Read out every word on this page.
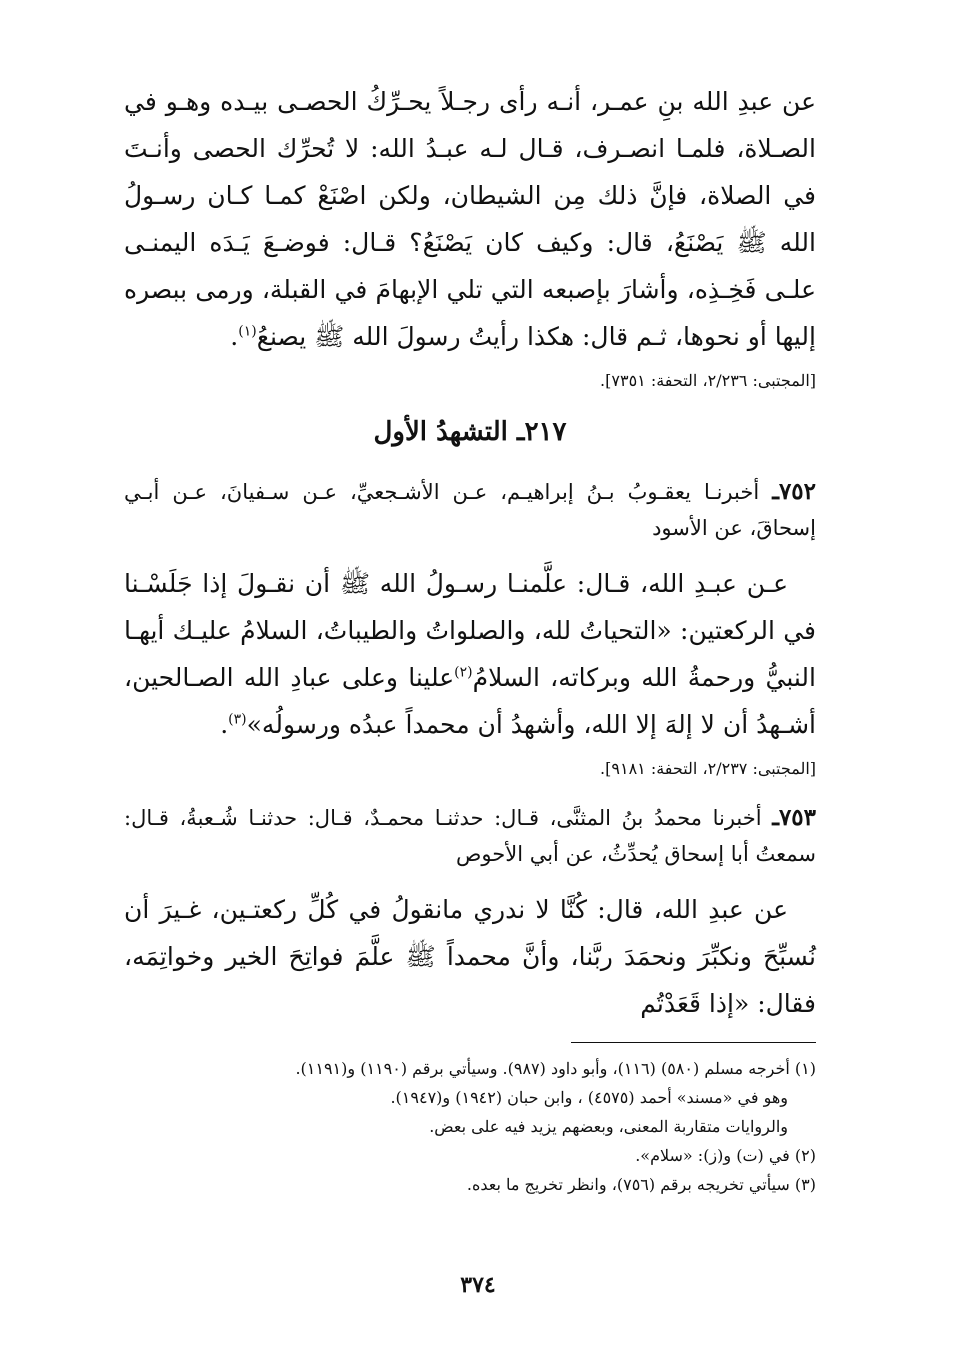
عن عبدِ الله بنِ عمـر، أنـه رأى رجـلاً يحـرِّكُ الحصـى بيـده وهـو في الصـلاة، فلمـا انصـرف، قـال لـه عبـدُ الله: لا تُحرِّك الحصى وأنـتَ في الصلاة، فإنَّ ذلك مِن الشيطان، ولكن اصْنَعْ كمـا كـان رسـولُ الله ﷺ يَصْنَعُ، قال: وكيف كان يَصْنَعُ؟ قـال: فوضـعَ يَـدَه اليمنـى علـى فَخِـذِه، وأشارَ بإصبعه التي تلي الإبهامَ في القبلة، ورمى ببصره إليها أو نحوها، ثـم قال: هكذا رأيتُ رسولَ الله ﷺ يصنعُ$^{(١)}$.

[المجتبى: ٢/٢٣٦، التحفة: ٧٣٥١].
٢١٧ـ التشهدُ الأول

٧٥٢ـ أخبرنـا يعقـوبُ بـنُ إبراهيـم، عـن الأشـجعيِّ، عـن سـفيانَ، عـن أبـي إسحاقَ، عن الأسود

عـن عبـدِ الله، قـال: علَّمنـا رسـولُ الله ﷺ أن نقـولَ إذا جَلَسْـنا في الركعتين: «التحياتُ لله، والصلواتُ والطيباتُ، السلامُ عليـك أيهـا النبيُّ ورحمةُ الله وبركاته، السلامُ$^{(٢)}$علينا وعلى عبادِ الله الصـالحين، أشـهدُ أن لا إلهَ إلا الله، وأشهدُ أن محمداً عبدُه ورسولُه»$^{(٣)}$.

[المجتبى: ٢/٢٣٧، التحفة: ٩١٨١].

٧٥٣ـ أخبرنا محمدُ بنُ المثنَّى، قـال: حدثنـا محمـدٌ، قـال: حدثنـا شُـعبةُ، قـال: سمعتُ أبا إسحاق يُحدِّثُ، عن أبي الأحوص

عن عبدِ الله، قال: كُنَّا لا ندري مانقولُ في كُلِّ ركعتـين، غـيرَ أن نُسبِّحَ ونكبِّرَ ونحمَدَ ربَّنا، وأنَّ محمداً ﷺ علَّمَ فواتِحَ الخير وخواتِمَه، فقال: «إذا قَعَدْتُم

(١) أخرجه مسلم (٥٨٠) (١١٦)، وأبو داود (٩٨٧). وسيأتي برقم (١١٩٠) و(١١٩١).
وهو في «مسند» أحمد (٤٥٧٥) ، وابن حبان (١٩٤٢) و(١٩٤٧).
والروايات متقاربة المعنى، وبعضهم يزيد فيه على بعض.
(٢) في (ت) و(ز): «سلام».
(٣) سيأتي تخريجه برقم (٧٥٦)، وانظر تخريج ما بعده.
٣٧٤
